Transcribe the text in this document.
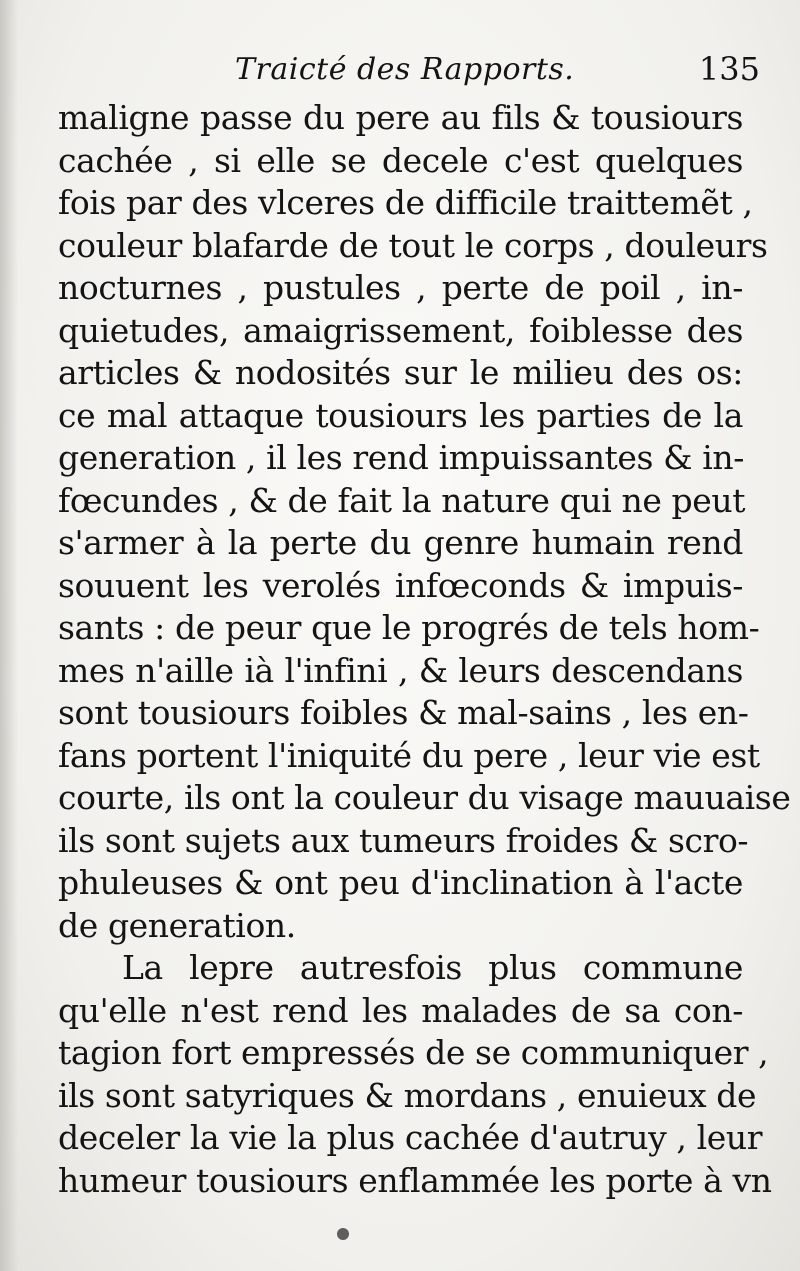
Traicté des Rapports.	135
maligne passe du pere au fils & tousiours
cachée , si elle se decele c'est quelques
fois par des vlceres de difficile traittemẽt ,
couleur blafarde de tout le corps , douleurs
nocturnes , pustules , perte de poil , in-
quietudes, amaigrissement, foiblesse des
articles & nodosités sur le milieu des os:
ce mal attaque tousiours les parties de la
generation , il les rend impuissantes & in-
fœcundes , & de fait la nature qui ne peut
s'armer à la perte du genre humain rend
souuent les verolés infœconds & impuis-
sants : de peur que le progrés de tels hom-
mes n'aille ià l'infini , & leurs descendans
sont tousiours foibles & mal-sains , les en-
fans portent l'iniquité du pere , leur vie est
courte, ils ont la couleur du visage mauuaise
ils sont sujets aux tumeurs froides & scro-
phuleuses & ont peu d'inclination à l'acte
de generation.
La lepre autresfois plus commune
qu'elle n'est rend les malades de sa con-
tagion fort empressés de se communiquer ,
ils sont satyriques & mordans , enuieux de
deceler la vie la plus cachée d'autruy , leur
humeur tousiours enflammée les porte à vn
